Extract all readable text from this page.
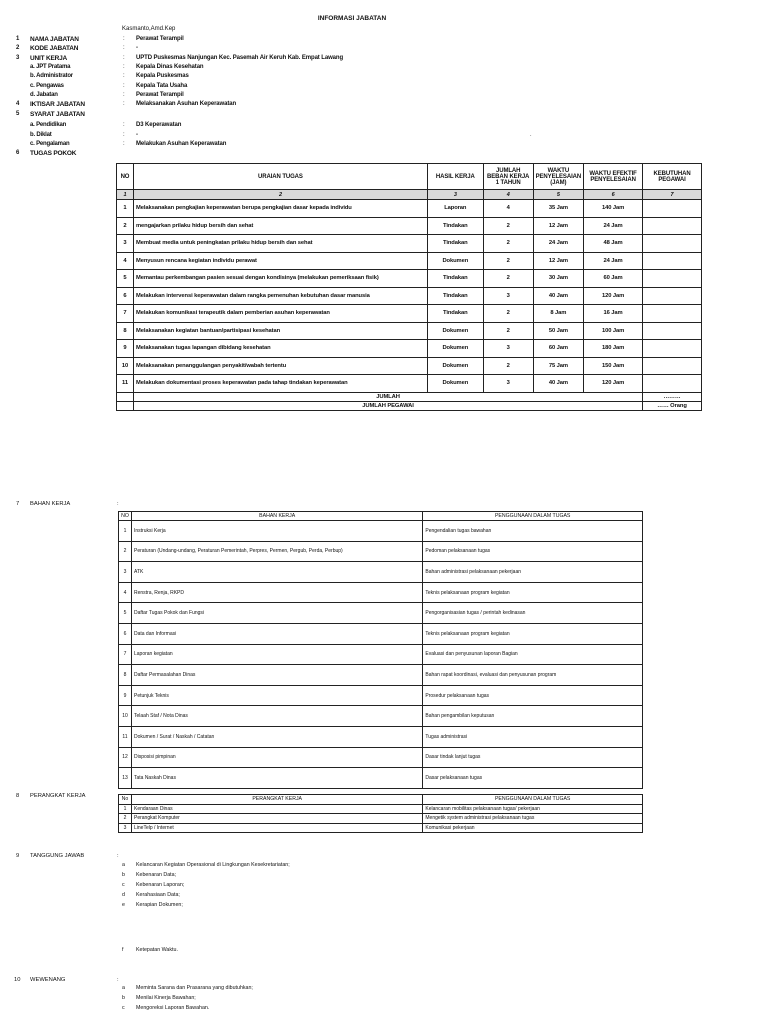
INFORMASI JABATAN
Kasmanto,Amd.Kep
1 NAMA JABATAN	: Perawat Terampil
2 KODE JABATAN	: -
3 UNIT KERJA	: UPTD Puskesmas Nanjungan Kec. Pasemah Air Keruh Kab. Empat Lawang
a. JPT Pratama	: Kepala Dinas Kesehatan
b. Administrator	: Kepala Puskesmas
c. Pengawas	: Kepala Tata Usaha
d. Jabatan	: Perawat Terampil
4 IKTISAR JABATAN	: Melaksanakan Asuhan Keperawatan
5 SYARAT JABATAN
a. Pendidikan	: D3 Keperawatan
b. Diklat	: -
c. Pengalaman	: Melakukan Asuhan Keperawatan
6 TUGAS POKOK
.
NO	URAIAN TUGAS	HASIL KERJA	JUMLAH BEBAN KERJA 1 TAHUN	WAKTU PENYELESAIAN (JAM)	WAKTU EFEKTIF PENYELESAIAN	KEBUTUHAN PEGAWAI
1	2	3	4	5	6	7
1	Melaksanakan pengkajian keperawatan berupa pengkajian dasar kepada individu	Laporan	4	35 Jam	140 Jam	
2	mengajarkan prilaku hidup bersih dan sehat	Tindakan	2	12 Jam	24 Jam	
3	Membuat media untuk peningkatan prilaku hidup bersih dan sehat	Tindakan	2	24 Jam	48 Jam	
4	Menyusun rencana kegiatan individu perawat	Dokumen	2	12 Jam	24 Jam	
5	Memantau perkembangan pasien sesuai dengan kondisinya (melakukan pemeriksaan fisik)	Tindakan	2	30 Jam	60 Jam	
6	Melakukan intervensi keperawatan dalam rangka pemenuhan kebutuhan dasar manusia	Tindakan	3	40 Jam	120 Jam	
7	Melakukan komunikasi terapeutik dalam pemberian asuhan keperawatan	Tindakan	2	8 Jam	16 Jam	
8	Melaksanakan kegiatan bantuan/partisipasi kesehatan	Dokumen	2	50 Jam	100 Jam	
9	Melaksanakan tugas lapangan dibidang kesehatan	Dokumen	3	60 Jam	180 Jam	
10	Melaksanakan penanggulangan penyakit/wabah tertentu	Dokumen	2	75 Jam	150 Jam	
11	Melakukan dokumentasi proses keperawatan pada tahap tindakan keperawatan	Dokumen	3	40 Jam	120 Jam	
	JUMLAH					………
	JUMLAH PEGAWAI					…… Orang
7 BAHAN KERJA	:
NO	BAHAN KERJA	PENGGUNAAN DALAM TUGAS
1	Instruksi Kerja	Pengendalian tugas bawahan
2	Peraturan (Undang-undang, Peraturan Pemerintah, Perpres, Permen, Pergub, Perda, Perbup)	Pedoman pelaksanaan tugas
3	ATK	Bahan administrasi pelaksanaan pekerjaan
4	Renstra, Renja, RKPD	Teknis pelaksanaan program kegiatan
5	Daftar Tugas Pokok dan Fungsi	Pengorganisasian tugas / perintah kedinasan
6	Data dan Informasi	Teknis pelaksanaan program kegiatan
7	Laporan kegiatan	Evaluasi dan penyusunan laporan Bagian
8	Daftar Permasalahan Dinas	Bahan rapat koordinasi, evaluasi dan penyusunan program
9	Petunjuk Teknis	Prosedur pelaksanaan tugas
10	Telaah Staf / Nota Dinas	Bahan pengambilan keputusan
11	Dokumen / Surat / Naskah / Catatan	Tugas administrasi
12	Disposisi pimpinan	Dasar tindak lanjut tugas
13	Tata Naskah Dinas	Dasar pelaksanaan tugas
8 PERANGKAT KERJA
No	PERANGKAT KERJA	PENGGUNAAN DALAM TUGAS
1	Kendaraan Dinas	Kelancaran mobilitas pelaksanaan tugas/ pekerjaan
2	Perangkat Komputer	Mengetik system administrasi pelaksanaan tugas
3	LineTelp / Internet	Komunikasi pekerjaan
9 TANGGUNG JAWAB	:
a Kelancaran Kegiatan Operasional di Lingkungan Kesekretariatan;
b Kebenaran Data;
c Kebenaran Laporan;
d Kerahasiaan Data;
e Kerapian Dokumen;
f Ketepatan Waktu.
10 WEWENANG	:
a Meminta Sarana dan Prasarana yang dibutuhkan;
b Menilai Kinerja Bawahan;
c Mengoreksi Laporan Bawahan.
